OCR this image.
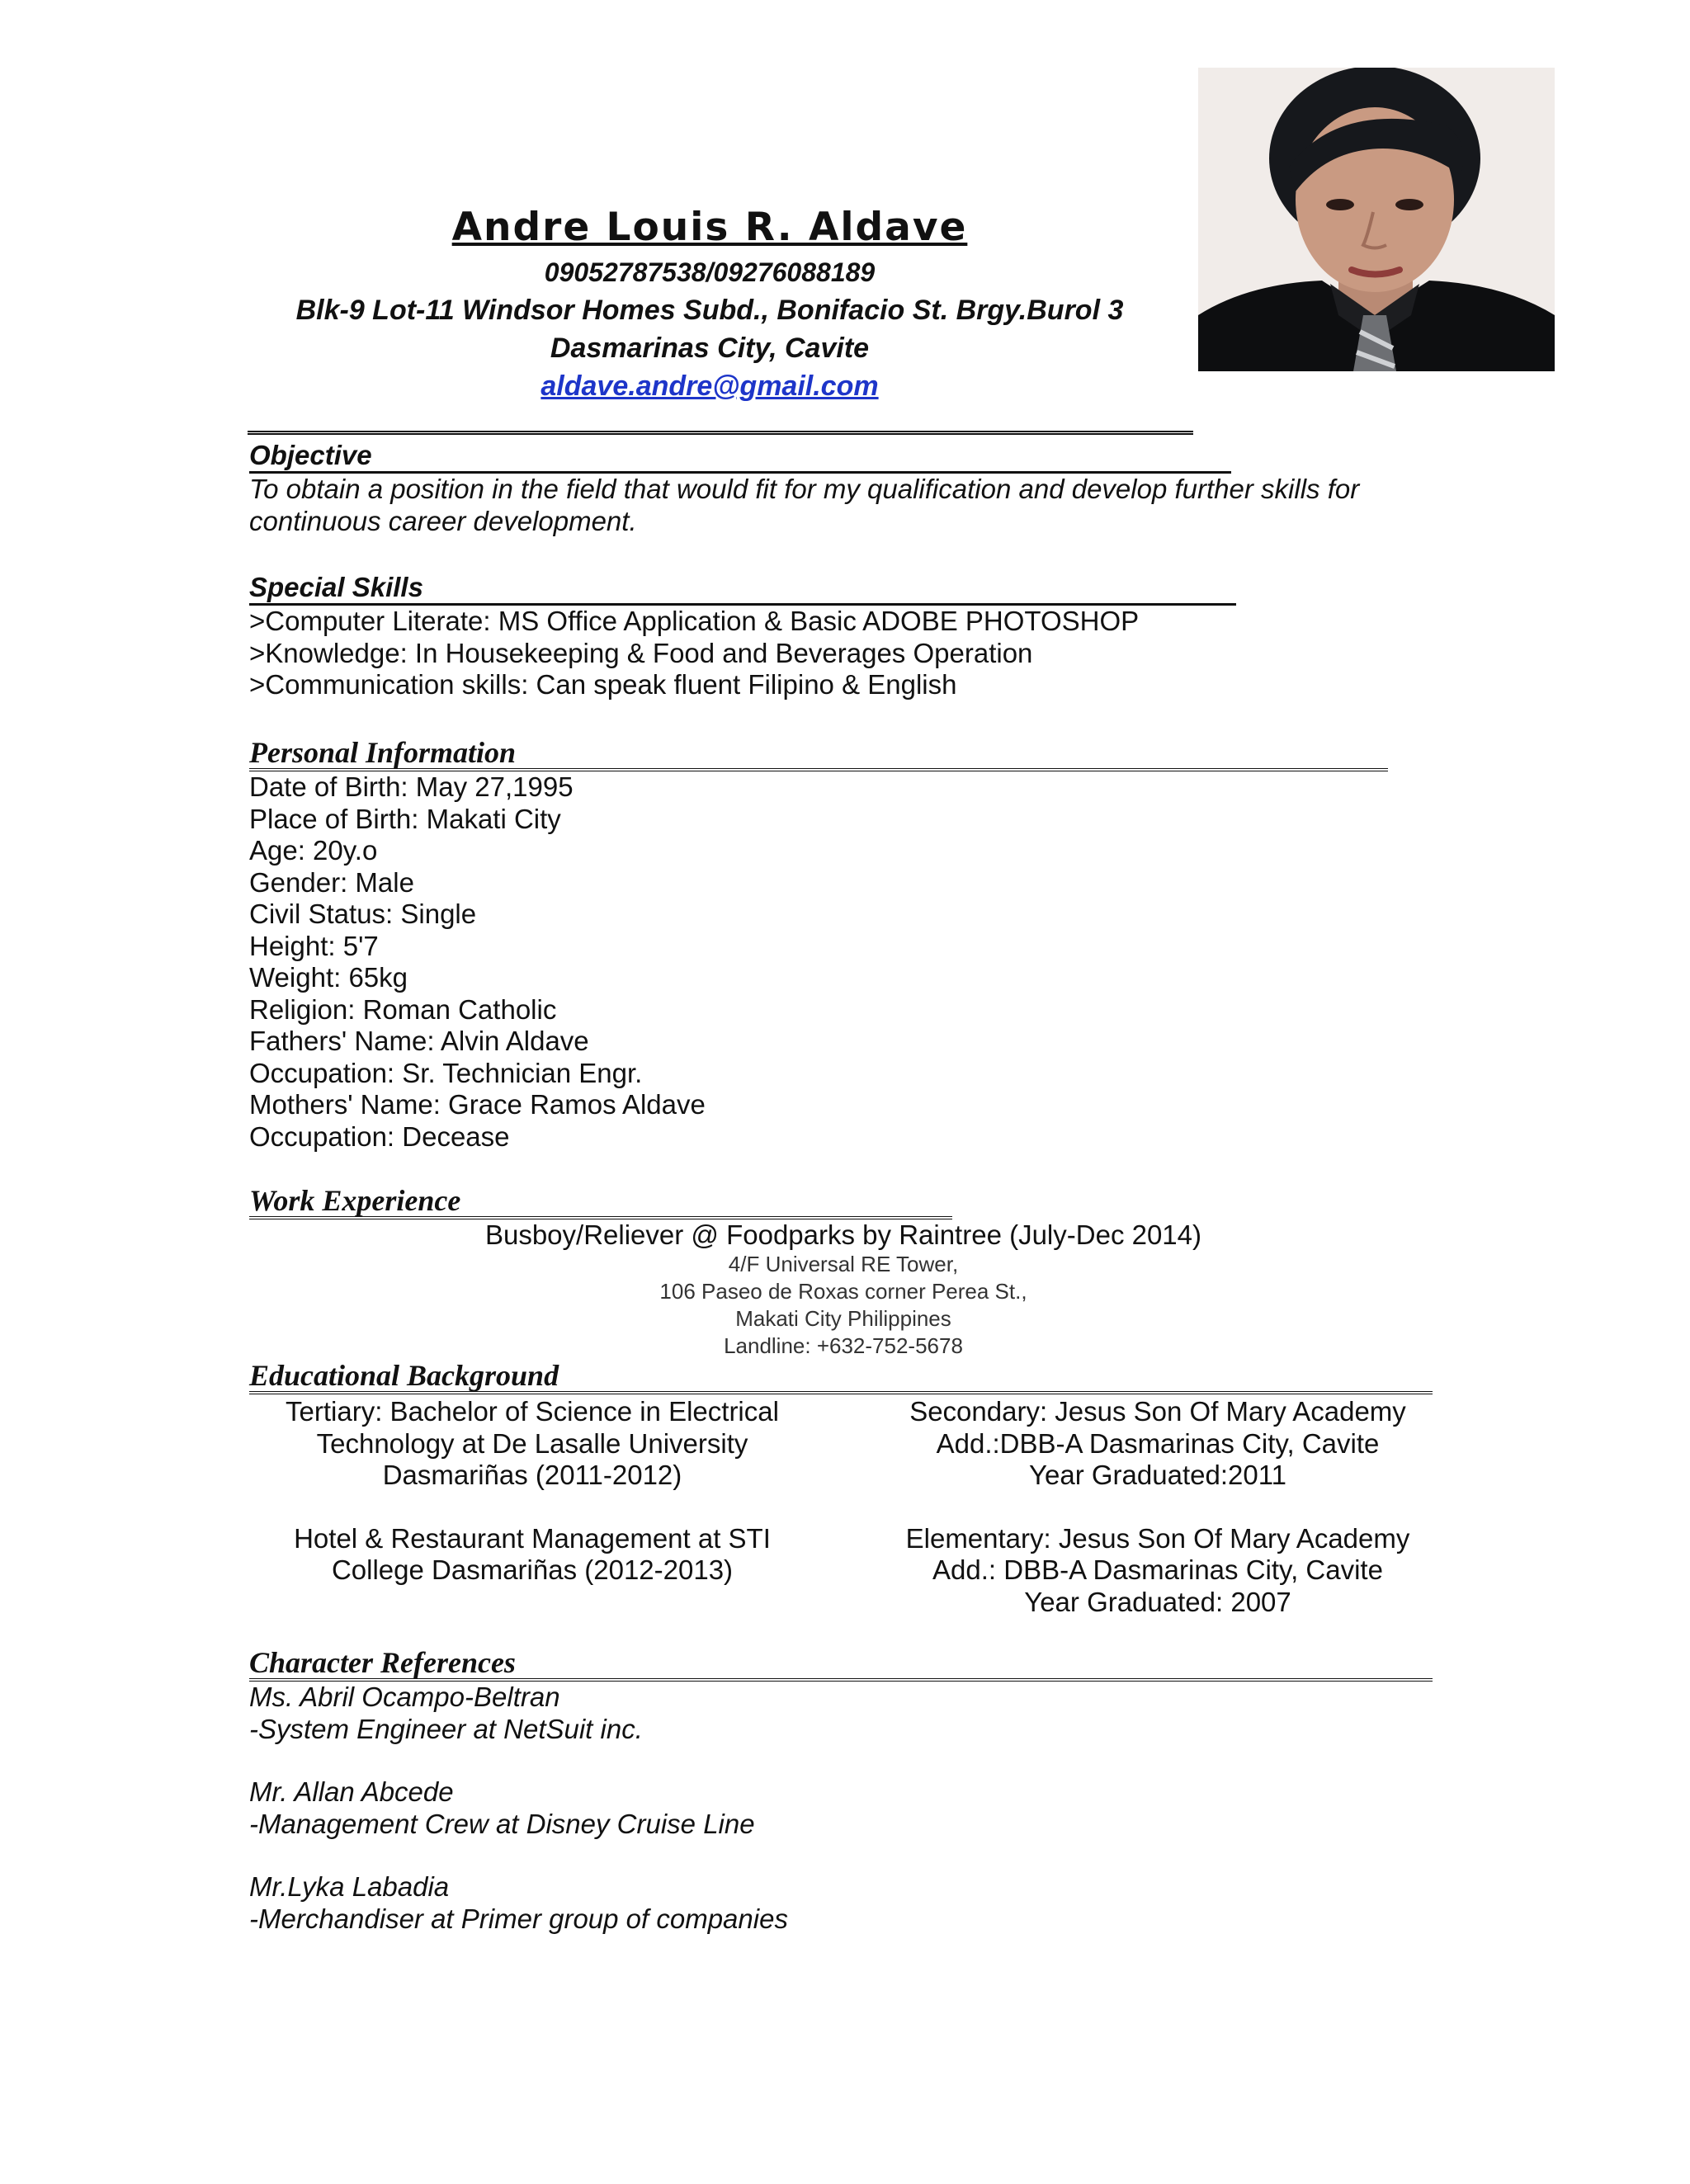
Andre Louis R. Aldave
09052787538/09276088189
Blk-9 Lot-11 Windsor Homes Subd., Bonifacio St. Brgy.Burol 3
Dasmarinas City, Cavite
aldave.andre@gmail.com
Objective
To obtain a position in the field that would fit for my qualification and develop further skills for
continuous career development.
Special Skills
>Computer Literate: MS Office Application & Basic ADOBE PHOTOSHOP
>Knowledge: In Housekeeping & Food and Beverages Operation
>Communication skills: Can speak fluent Filipino & English
Personal Information
Date of Birth: May 27,1995
Place of Birth: Makati City
Age: 20y.o
Gender: Male
Civil Status: Single
Height: 5'7
Weight: 65kg
Religion: Roman Catholic
Fathers' Name: Alvin Aldave
Occupation: Sr. Technician Engr.
Mothers' Name: Grace Ramos Aldave
Occupation: Decease
Work Experience
Busboy/Reliever @ Foodparks by Raintree (July-Dec 2014)
4/F Universal RE Tower,
106 Paseo de Roxas corner Perea St.,
Makati City Philippines
Landline: +632-752-5678
Educational Background
Tertiary: Bachelor of Science in Electrical
Technology at De Lasalle University
Dasmariñas (2011-2012)
Hotel & Restaurant Management at STI
College Dasmariñas (2012-2013)
Secondary: Jesus Son Of Mary Academy
Add.:DBB-A Dasmarinas City, Cavite
Year Graduated:2011
Elementary: Jesus Son Of Mary Academy
Add.: DBB-A Dasmarinas City, Cavite
Year Graduated: 2007
Character References
Ms. Abril Ocampo-Beltran
-System Engineer at NetSuit inc.
Mr. Allan Abcede
-Management Crew at Disney Cruise Line
Mr.Lyka Labadia
-Merchandiser at Primer group of companies
